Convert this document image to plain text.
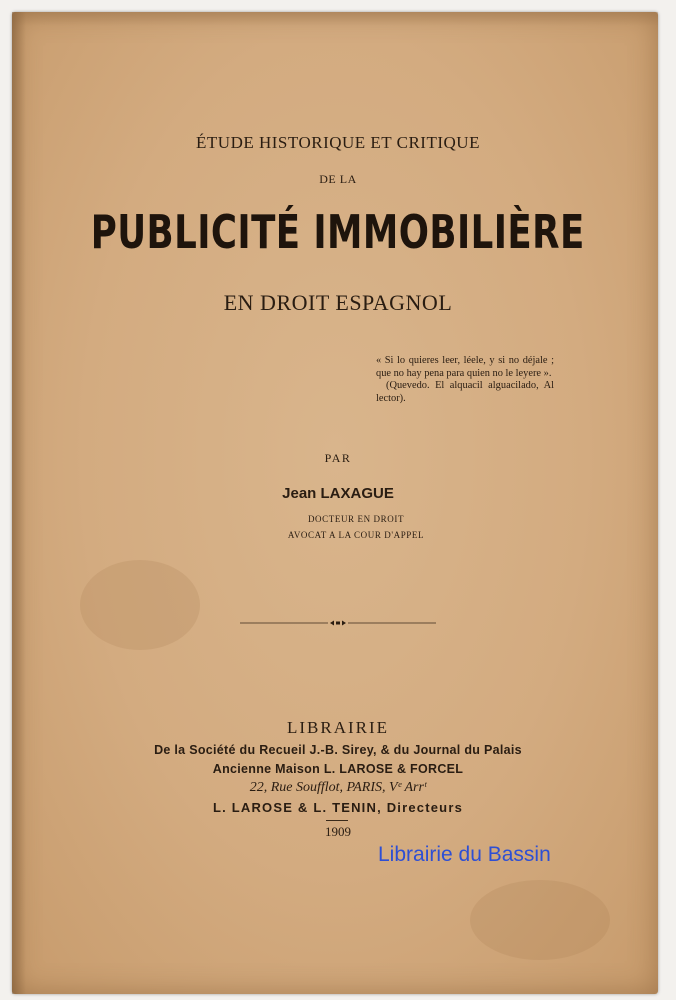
ÉTUDE HISTORIQUE ET CRITIQUE

DE LA

PUBLICITÉ IMMOBILIÈRE

EN DROIT ESPAGNOL

« Si lo quieres leer, léele, y si no déjale ; que no hay pena para quien no le leyere ».
(Quevedo. El alquacil alguacilado, Al lector).

PAR

Jean LAXAGUE

DOCTEUR EN DROIT

AVOCAT A LA COUR D'APPEL

LIBRAIRIE

De la Société du Recueil J.-B. Sirey, & du Journal du Palais

Ancienne Maison L. LAROSE & FORCEL

22, Rue Soufflot, PARIS, Vᵉ Arrᵗ

L. LAROSE & L. TENIN, Directeurs

1909

Librairie du Bassin
